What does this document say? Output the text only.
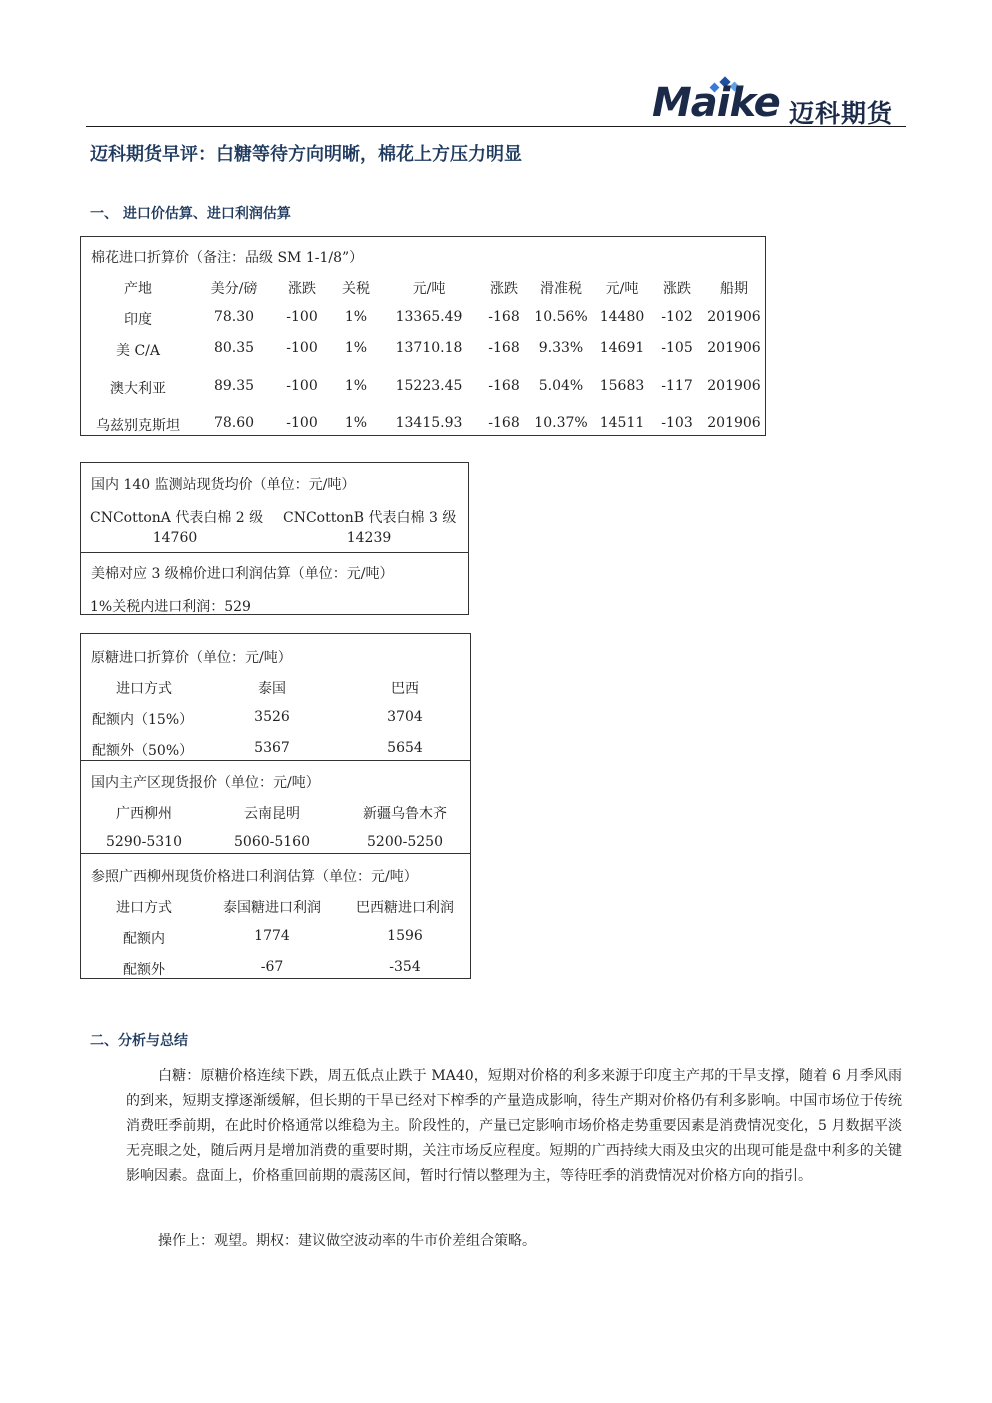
Maike 迈科期货
迈科期货早评：白糖等待方向明晰，棉花上方压力明显
一、 进口价估算、进口利润估算
棉花进口折算价（备注：品级 SM 1-1/8”）
产地	美分/磅 涨跌 关税	元/吨	涨跌 滑准税 元/吨 涨跌 船期
印度	78.30 -100 1% 13365.49 -168 10.56% 14480 -102 201906
美 C/A	80.35 -100 1% 13710.18 -168 9.33% 14691 -105 201906
澳大利亚	89.35 -100 1% 15223.45 -168 5.04% 15683 -117 201906
乌兹别克斯坦 78.60 -100 1% 13415.93 -168 10.37% 14511 -103 201906
国内 140 监测站现货均价（单位：元/吨）
CNCottonA 代表白棉 2 级 CNCottonB 代表白棉 3 级
14760	14239
美棉对应 3 级棉价进口利润估算（单位：元/吨）
1%关税内进口利润：529
原糖进口折算价（单位：元/吨）
进口方式	泰国	巴西
配额内（15%）	3526	3704
配额外（50%）	5367	5654
国内主产区现货报价（单位：元/吨）
广西柳州	云南昆明	新疆乌鲁木齐
5290-5310	5060-5160	5200-5250
参照广西柳州现货价格进口利润估算（单位：元/吨）
进口方式	泰国糖进口利润	巴西糖进口利润
配额内	1774	1596
配额外	-67	-354
二、分析与总结
白糖：原糖价格连续下跌，周五低点止跌于 MA40，短期对价格的利多来源于印度主产邦的干旱支撑，随着 6 月季风雨的到来，短期支撑逐渐缓解，但长期的干旱已经对下榨季的产量造成影响，待生产期对价格仍有利多影响。中国市场位于传统消费旺季前期，在此时价格通常以维稳为主。阶段性的，产量已定影响市场价格走势重要因素是消费情况变化，5 月数据平淡无亮眼之处，随后两月是增加消费的重要时期，关注市场反应程度。短期的广西持续大雨及虫灾的出现可能是盘中利多的关键影响因素。盘面上，价格重回前期的震荡区间，暂时行情以整理为主，等待旺季的消费情况对价格方向的指引。
操作上：观望。期权：建议做空波动率的牛市价差组合策略。
